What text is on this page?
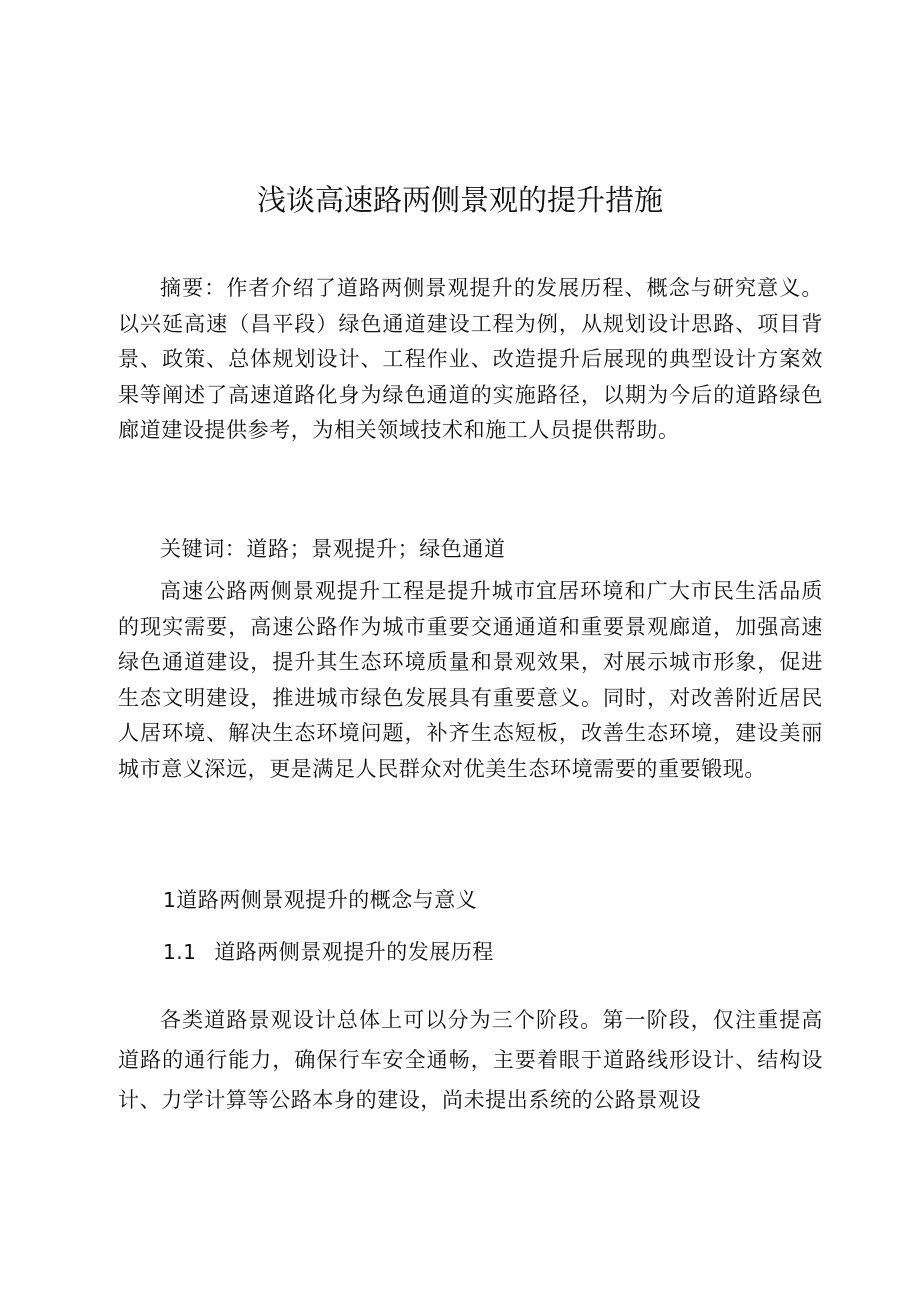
浅谈高速路两侧景观的提升措施

摘要：作者介绍了道路两侧景观提升的发展历程、概念与研究意义。以兴延高速（昌平段）绿色通道建设工程为例，从规划设计思路、项目背景、政策、总体规划设计、工程作业、改造提升后展现的典型设计方案效果等阐述了高速道路化身为绿色通道的实施路径，以期为今后的道路绿色廊道建设提供参考，为相关领域技术和施工人员提供帮助。

关键词：道路；景观提升；绿色通道

高速公路两侧景观提升工程是提升城市宜居环境和广大市民生活品质的现实需要，高速公路作为城市重要交通通道和重要景观廊道，加强高速绿色通道建设，提升其生态环境质量和景观效果，对展示城市形象，促进生态文明建设，推进城市绿色发展具有重要意义。同时，对改善附近居民人居环境、解决生态环境问题，补齐生态短板，改善生态环境，建设美丽城市意义深远，更是满足人民群众对优美生态环境需要的重要锻现。

1道路两侧景观提升的概念与意义
1.1 道路两侧景观提升的发展历程

各类道路景观设计总体上可以分为三个阶段。第一阶段，仅注重提高道路的通行能力，确保行车安全通畅，主要着眼于道路线形设计、结构设计、力学计算等公路本身的建设，尚未提出系统的公路景观设
